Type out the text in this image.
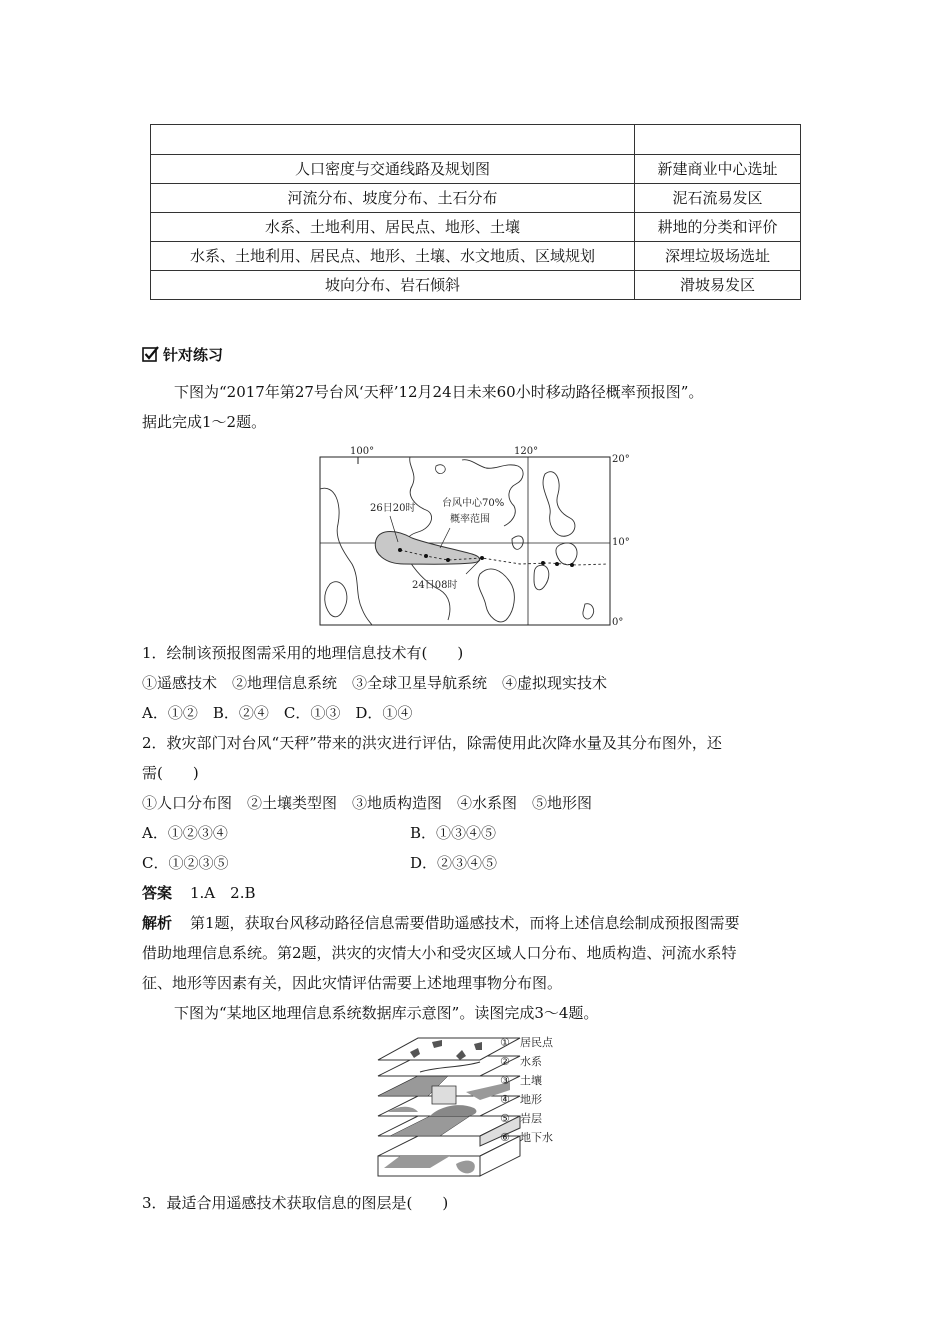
人口密度与交通线路及规划图	新建商业中心选址
河流分布、坡度分布、土石分布	泥石流易发区
水系、土地利用、居民点、地形、土壤	耕地的分类和评价
水系、土地利用、居民点、地形、土壤、水文地质、区域规划	深埋垃圾场选址
坡向分布、岩石倾斜	滑坡易发区
针对练习
下图为“2017年第27号台风‘天秤’12月24日未来60小时移动路径概率预报图”。
据此完成1～2题。
100°	120°
20°
10°
0°
26日20时	台风中心70%
概率范围
24日08时
1．绘制该预报图需采用的地理信息技术有(　　)
①遥感技术　②地理信息系统　③全球卫星导航系统　④虚拟现实技术
A．①②　B．②④　C．①③　D．①④
2．救灾部门对台风“天秤”带来的洪灾进行评估，除需使用此次降水量及其分布图外，还
需(　　)
①人口分布图　②土壤类型图　③地质构造图　④水系图　⑤地形图
A．①②③④	B．①③④⑤
C．①②③⑤	D．②③④⑤
答案 1.A　2.B
解析 第1题，获取台风移动路径信息需要借助遥感技术，而将上述信息绘制成预报图需要
借助地理信息系统。第2题，洪灾的灾情大小和受灾区域人口分布、地质构造、河流水系特
征、地形等因素有关，因此灾情评估需要上述地理事物分布图。
下图为“某地区地理信息系统数据库示意图”。读图完成3～4题。
① 居民点
② 水系
③ 土壤
④ 地形
⑤ 岩层
⑥ 地下水
3．最适合用遥感技术获取信息的图层是(　　)
